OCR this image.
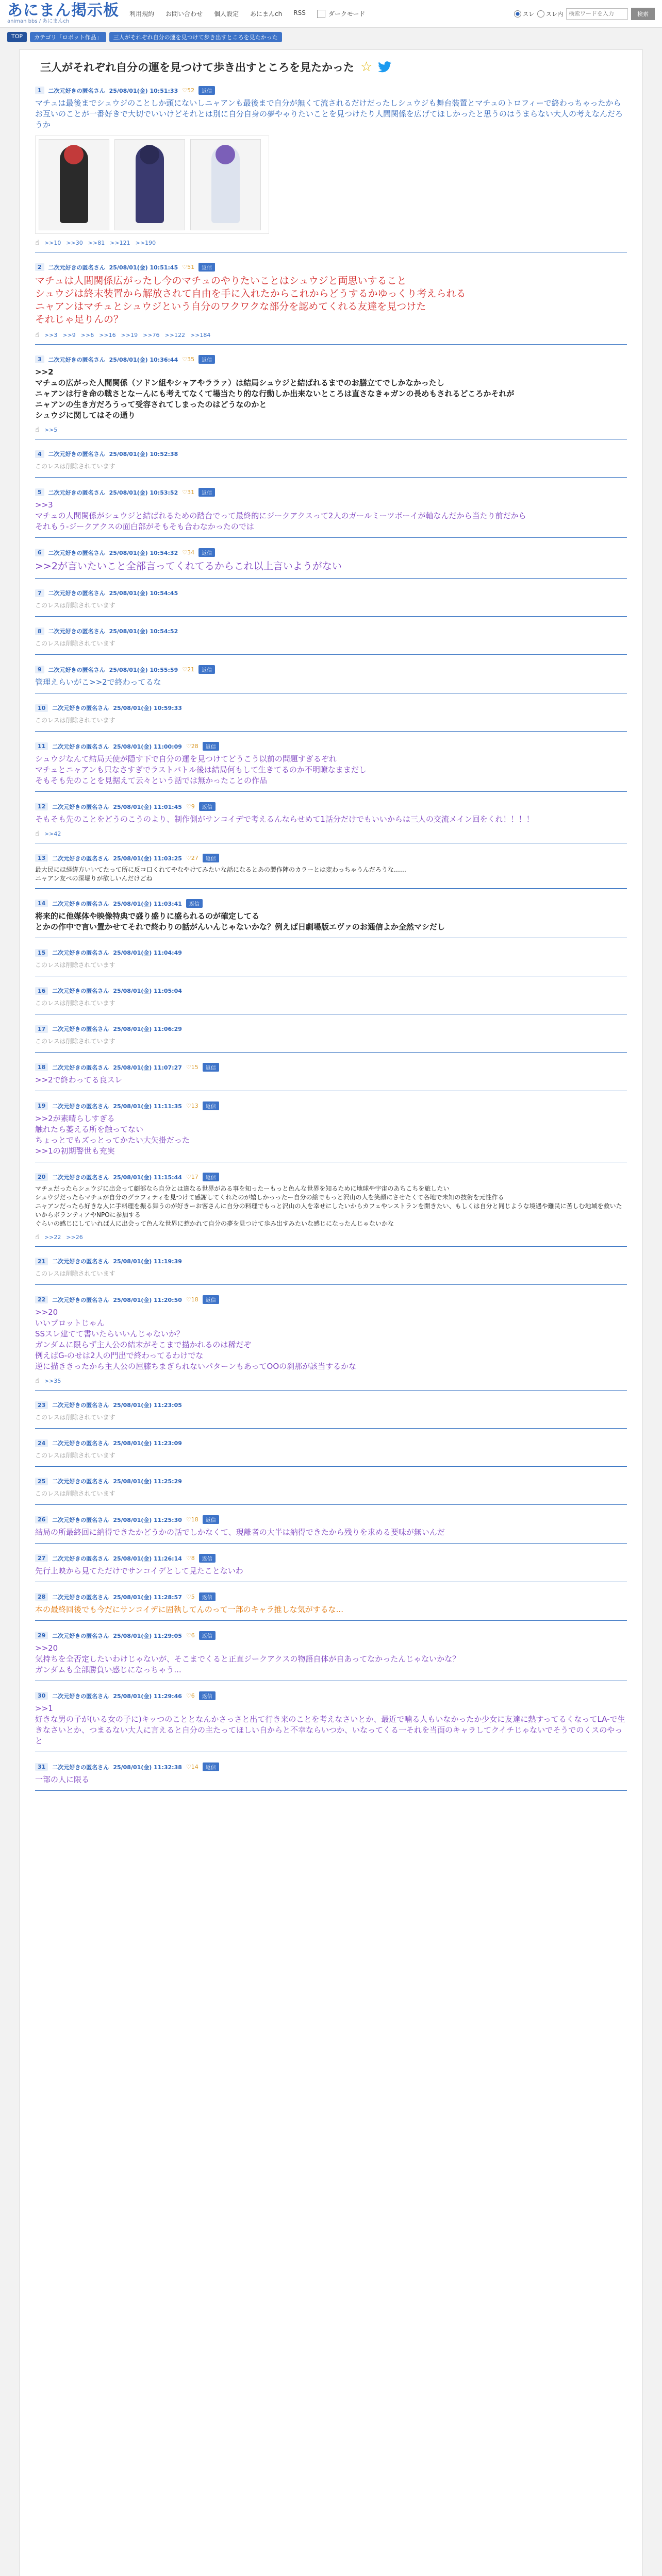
あにまん掲示板
animan bbs / あにまんch
利用規約 お問い合わせ 個人設定 あにまんch RSS	ダークモード	スレ スレ内
検索ワードを入力	検索
TOP	カテゴリ「ロボット作品」	三人がそれぞれ自分の運を見つけて歩き出すところを見たかった
三人がそれぞれ自分の運を見つけて歩き出すところを見たかった ☆
1	二次元好きの匿名さん 25/08/01(金) 10:51:33 ♡52	返信
マチュは最後までシュウジのことしか頭にないしニャアンも最後まで自分が無くて流されるだけだったしシュウジも舞台装置とマチュのトロフィーで終わっちゃったから
お互いのことが一番好きで大切でいいけどそれとは別に自分自身の夢やゃりたいことを見つけたり人間関係を広げてほしかったと思うのはうまらない大人の考えなんだろうか
☝ >>10 >>30 >>81 >>121 >>190
2	二次元好きの匿名さん 25/08/01(金) 10:51:45 ♡51	返信
マチュは人間関係広がったし今のマチュのやりたいことはシュウジと両思いすること
シュウジは終末装置から解放されて自由を手に入れたからこれからどうするかゆっくり考えられる
ニャアンはマチュとシュウジという自分のワクワクな部分を認めてくれる友達を見つけた
それじゃ足りんの？
☝ >>3 >>9 >>6 >>16 >>19 >>76 >>122 >>184
3	二次元好きの匿名さん 25/08/01(金) 10:36:44 ♡35	返信
>>2
マチュの広がった人間関係（ソドン組やシャアやララァ）は結局シュウジと結ばれるまでのお膳立てでしかなかったし
ニャアンは行き命の戦さとなーんにも考えてなくて場当たり的な行動しか出来ないところは直さなきゃガンの長めもされるどころかそれが
ニャアンの生き方だろうって受容されてしまったのはどうなのかと
シュウジに関してはその通り
☝ >>5
4	二次元好きの匿名さん 25/08/01(金) 10:52:38
このレスは削除されています
5	二次元好きの匿名さん 25/08/01(金) 10:53:52 ♡31	返信
>>3
マチュの人間関係がシュウジと結ばれるための踏台でって最終的にジークアクスって2人のガールミーツボーイが軸なんだから当たり前だから
それもう-ジークアクスの面白部がそもそも合わなかったのでは
6	二次元好きの匿名さん 25/08/01(金) 10:54:32 ♡34	返信
>>2が言いたいこと全部言ってくれてるからこれ以上言いようがない
7	二次元好きの匿名さん 25/08/01(金) 10:54:45
このレスは削除されています
8	二次元好きの匿名さん 25/08/01(金) 10:54:52
このレスは削除されています
9	二次元好きの匿名さん 25/08/01(金) 10:55:59 ♡21	返信
管理えらいがこ>>2で終わってるな
10	二次元好きの匿名さん 25/08/01(金) 10:59:33
このレスは削除されています
11	二次元好きの匿名さん 25/08/01(金) 11:00:09 ♡28	返信
シュウジなんて結局天使が隠す下で自分の運を見つけてどうこう以前の問題すぎるぞれ
マチュとニャアンも只なさすぎでラストバトル後は結局何もして生きてるのか不明瞭なままだし
そもそも先のことを見据えて云々という話では無かったことの作品
12	二次元好きの匿名さん 25/08/01(金) 11:01:45 ♡9	返信
そもそも先のことをどうのこうのより、制作側がサンコイデで考えるんならせめて1話分だけでもいいからは三人の交流メイン回をくれ！！！！
☝ >>42
13	二次元好きの匿名さん 25/08/01(金) 11:03:25 ♡27	返信
最大民にほ経緯方いいてたって所に反コ口くれてやなやけてみたいな話になるとあの製作陣のカラーとは変わっちゃうんだろうな……
ニャアン友べの深堀りが欲しいんだけどね
14	二次元好きの匿名さん 25/08/01(金) 11:03:41	返信
将来的に他媒体や映像特典で盛り盛りに盛られるのが確定してる
とかの作中で言い置かせてそれで終わりの話がんいんじゃないかな？例えば日劇場版エヴァのお通信よか全然マシだし
15	二次元好きの匿名さん 25/08/01(金) 11:04:49
このレスは削除されています
16	二次元好きの匿名さん 25/08/01(金) 11:05:04
このレスは削除されています
17	二次元好きの匿名さん 25/08/01(金) 11:06:29
このレスは削除されています
18	二次元好きの匿名さん 25/08/01(金) 11:07:27 ♡15	返信
>>2で終わってる良スレ
19	二次元好きの匿名さん 25/08/01(金) 11:11:35 ♡13	返信
>>2が素晴らしすぎる
触れたら萎える所を触ってない
ちょっとでもズっとってかたい大矢掛だった
>>1の初期警世も充実
20	二次元好きの匿名さん 25/08/01(金) 11:15:44 ♡17	返信
マチュだったらシュウジに出会って劇部なら自分とは違なる世界がある事を知ったーもっと色んな世界を知るために地球や宇宙のあちこちを旅したい
シュウジだったらマチュが自分のグラフィティを見つけて感謝してくれたのが嬉しかっったー自分の絵でもっと沢山の人を笑顔にさせたくて各地で未知の技術を元性作る
ニャアンだったら好きな人に手料理を振る舞うのが好きーお客さんに自分の料理でもっと沢山の人を幸せにしたいからカフェやレストランを開きたい、もしくは自分と同じような境遇や難民に苦しむ地域を救いたいからボランティアやNPOに参加する
ぐらいの感じにしていれば人に出会って色んな世界に惹かれて自分の夢を見つけて歩み出すみたいな感じになったんじゃないかな
☝ >>22 >>26
21	二次元好きの匿名さん 25/08/01(金) 11:19:39
このレスは削除されています
22	二次元好きの匿名さん 25/08/01(金) 11:20:50 ♡18	返信
>>20
いいプロットじゃん
SSスレ建てて書いたらいいんじゃないか？
ガンダムに限らず主人公の結末がそこまで描かれるのは稀だぞ
例えばG-のせは2人の門出で終わってるわけでな
逆に描ききったから主人公の屈膝ちまぎられないパターンもあってOOの刹那が該当するかな
☝ >>35
23	二次元好きの匿名さん 25/08/01(金) 11:23:05
このレスは削除されています
24	二次元好きの匿名さん 25/08/01(金) 11:23:09
このレスは削除されています
25	二次元好きの匿名さん 25/08/01(金) 11:25:29
このレスは削除されています
26	二次元好きの匿名さん 25/08/01(金) 11:25:30 ♡18	返信
結局の所最終回に納得できたかどうかの話でしかなくて、現離者の大半は納得できたから残りを求める要味が無いんだ
27	二次元好きの匿名さん 25/08/01(金) 11:26:14 ♡8	返信
先行上映から見てただけでサンコイデとして見たことないわ
28	二次元好きの匿名さん 25/08/01(金) 11:28:57 ♡5	返信
本の最終回後でも今だにサンコイデに固執してんのって一部のキャラ推しな気がするな...
29	二次元好きの匿名さん 25/08/01(金) 11:29:05 ♡6	返信
>>20
気持ちを全否定したいわけじゃないが、そこまでくると正直ジークアクスの物語自体が自あってなかったんじゃないかな？
ガンダムも全部勝負い感じになっちゃう...
30	二次元好きの匿名さん 25/08/01(金) 11:29:46 ♡6	返信
>>1
好きな男の子が(いる女の子に)キッつのこととなんかさっさと出て行き来のことを考えなさいとか、最近で噛る人もいなかったか少女に友達に熱すってるくなってLA-で生きなさいとか、つまるない大人に言えると自分の主たってほしい自からと不幸ならいつか、いなってくる一それを当面のキャラしてクイチじゃないでそうでのくスのやっと
31	二次元好きの匿名さん 25/08/01(金) 11:32:38 ♡14	返信
一部の人に限る
